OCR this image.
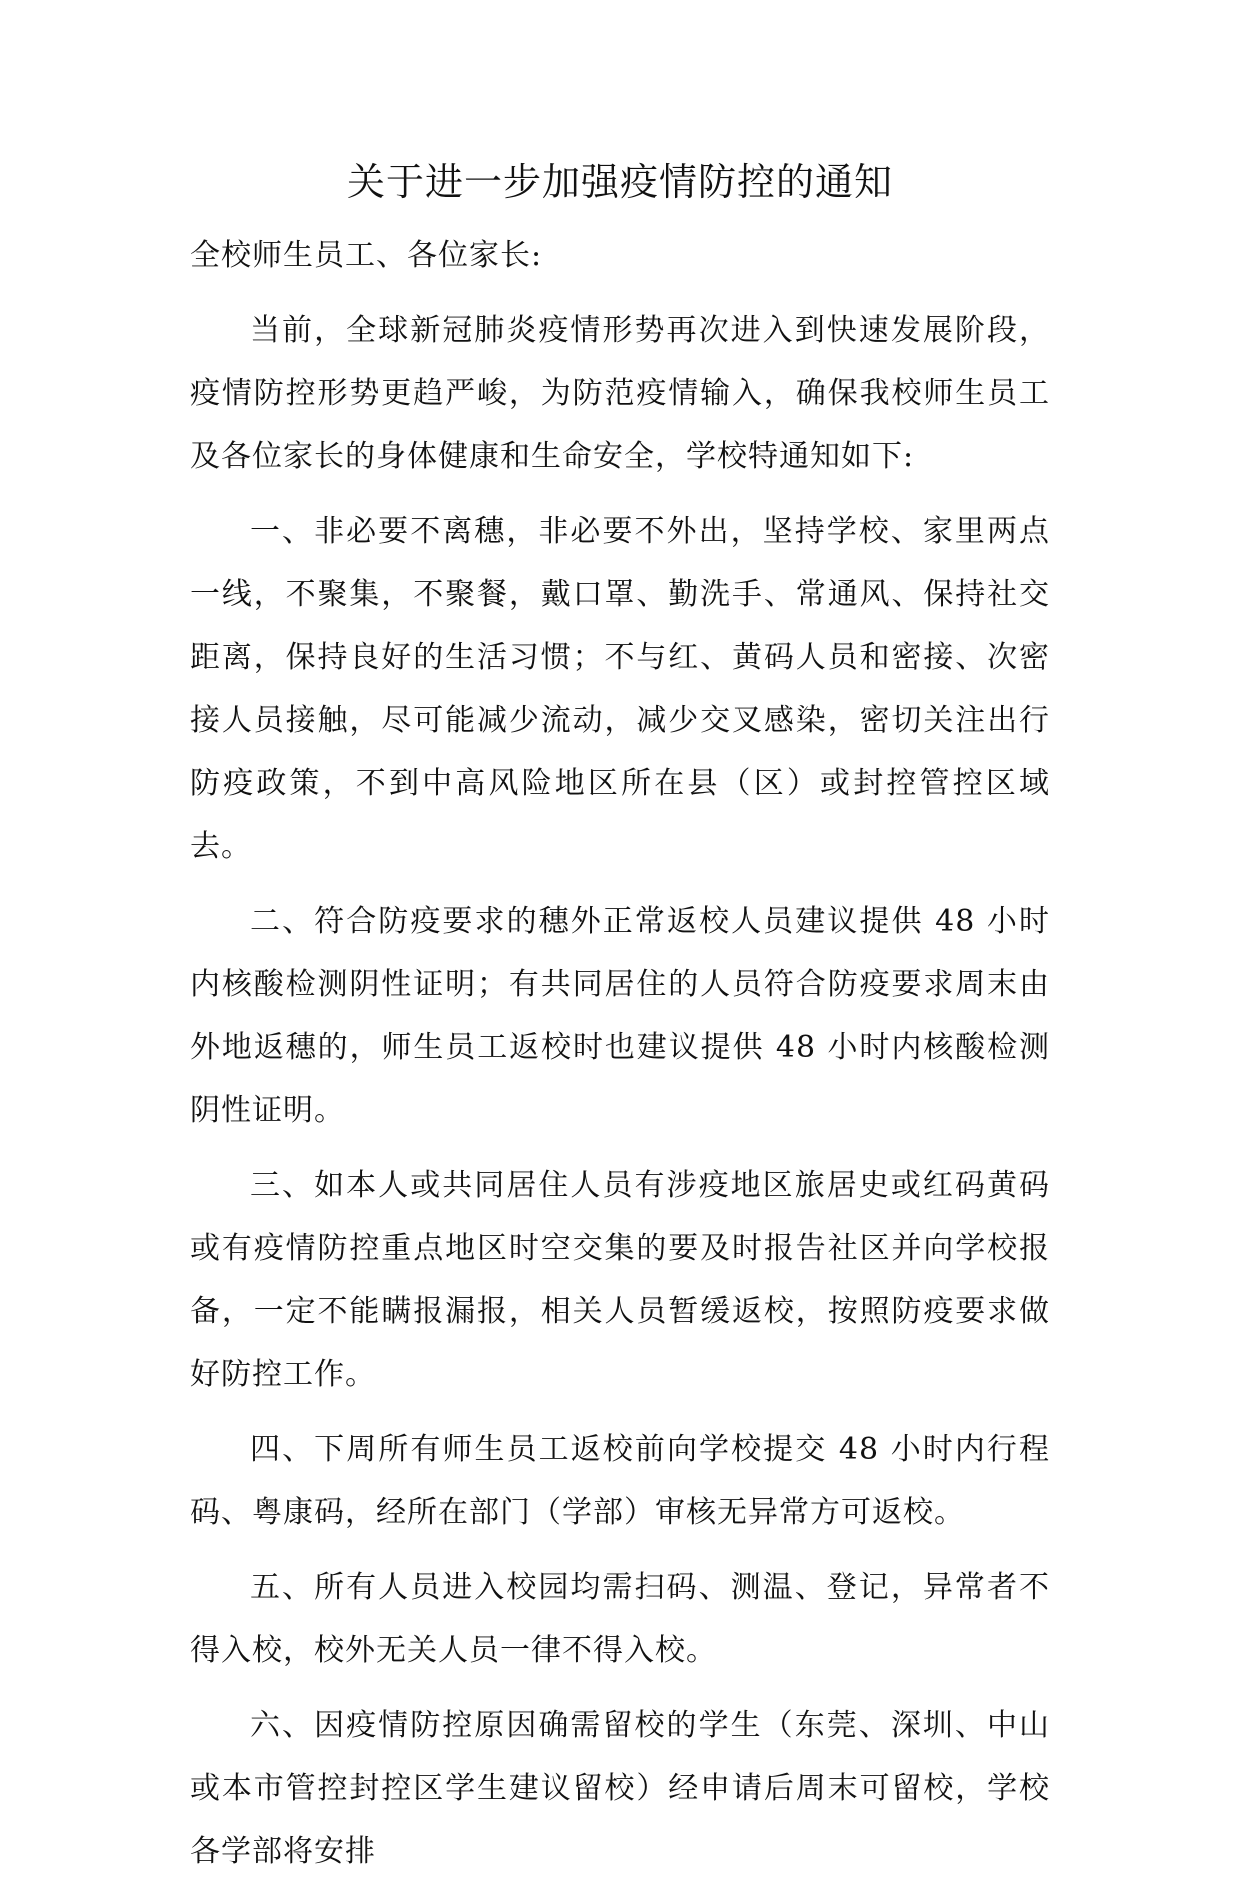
关于进一步加强疫情防控的通知

全校师生员工、各位家长:

当前，全球新冠肺炎疫情形势再次进入到快速发展阶段，疫情防控形势更趋严峻，为防范疫情输入，确保我校师生员工及各位家长的身体健康和生命安全，学校特通知如下:

一、非必要不离穗，非必要不外出，坚持学校、家里两点一线，不聚集，不聚餐，戴口罩、勤洗手、常通风、保持社交距离，保持良好的生活习惯；不与红、黄码人员和密接、次密接人员接触，尽可能减少流动，减少交叉感染，密切关注出行防疫政策，不到中高风险地区所在县（区）或封控管控区域去。

二、符合防疫要求的穗外正常返校人员建议提供 48 小时内核酸检测阴性证明；有共同居住的人员符合防疫要求周末由外地返穗的，师生员工返校时也建议提供 48 小时内核酸检测阴性证明。

三、如本人或共同居住人员有涉疫地区旅居史或红码黄码或有疫情防控重点地区时空交集的要及时报告社区并向学校报备，一定不能瞒报漏报，相关人员暂缓返校，按照防疫要求做好防控工作。

四、下周所有师生员工返校前向学校提交 48 小时内行程码、粤康码，经所在部门（学部）审核无异常方可返校。

五、所有人员进入校园均需扫码、测温、登记，异常者不得入校，校外无关人员一律不得入校。

六、因疫情防控原因确需留校的学生（东莞、深圳、中山或本市管控封控区学生建议留校）经申请后周末可留校，学校各学部将安排
